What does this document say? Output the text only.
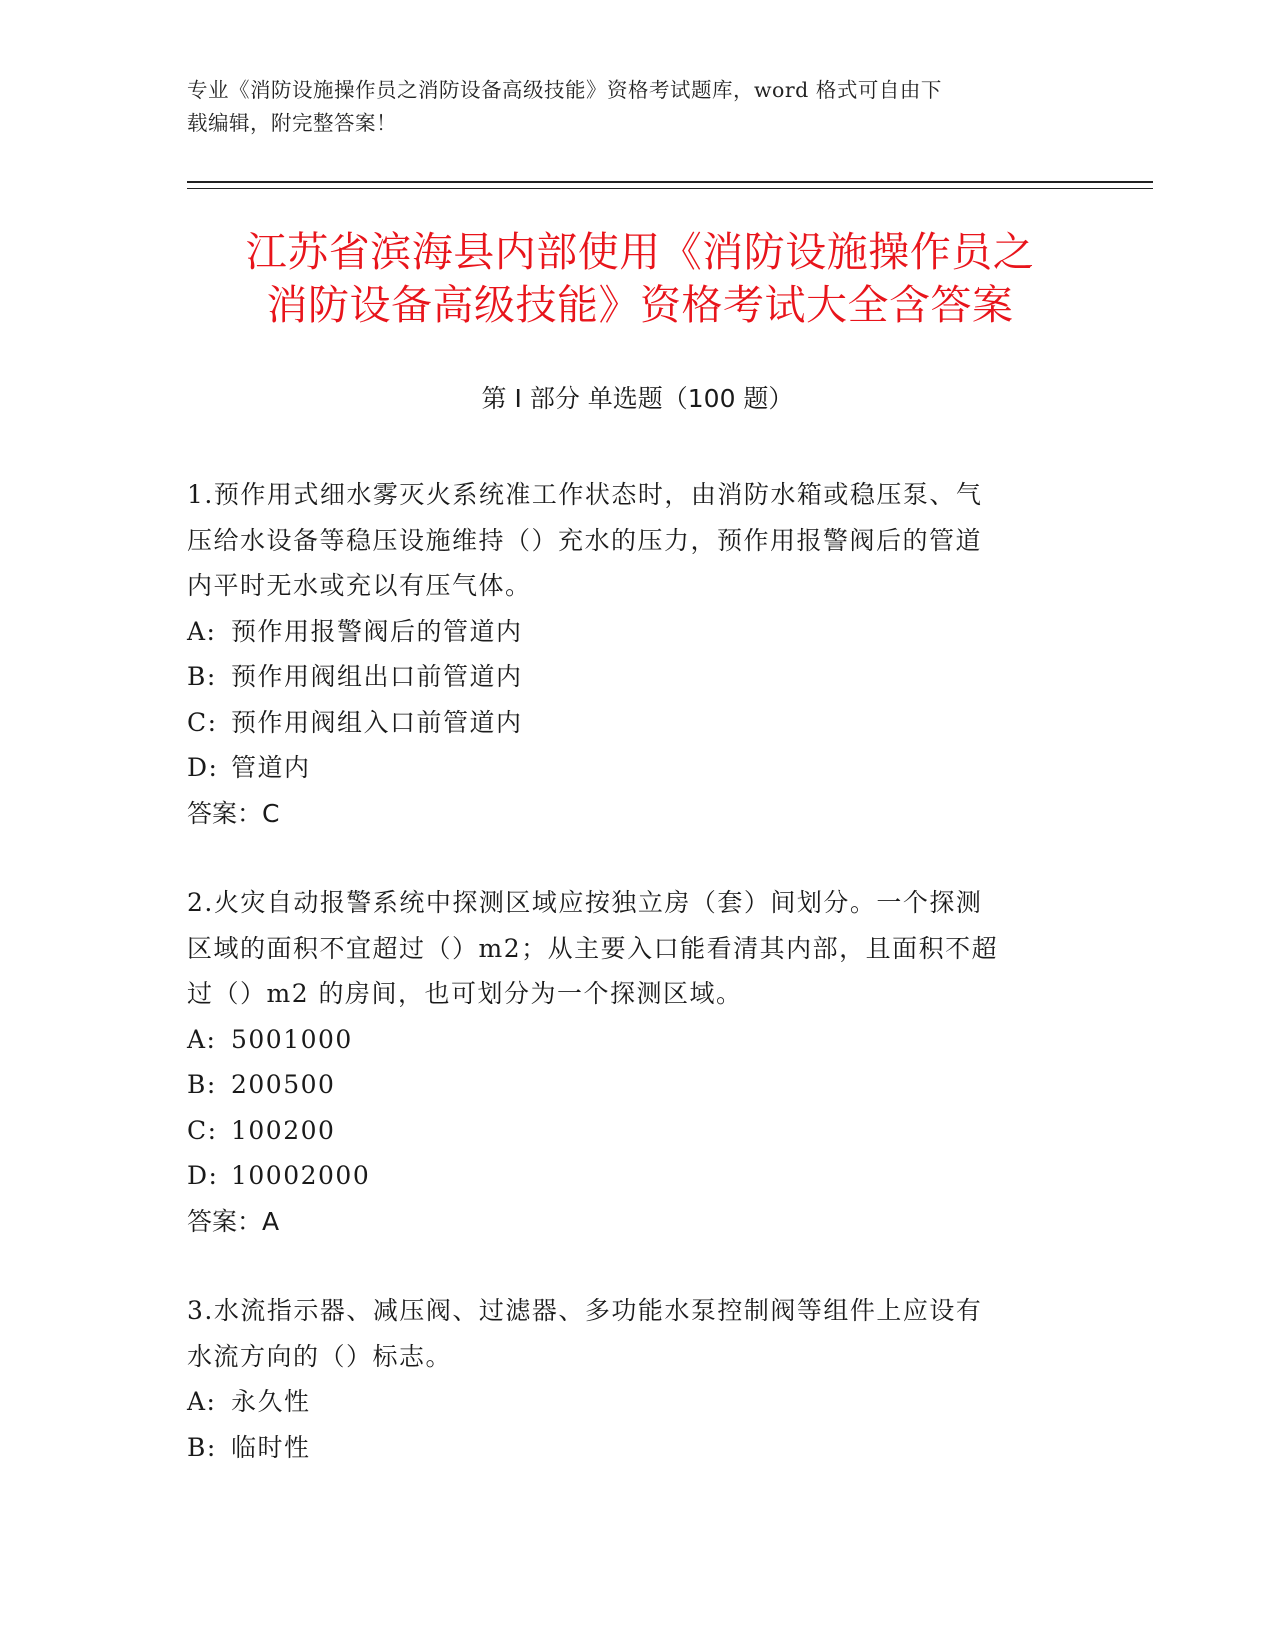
专业《消防设施操作员之消防设备高级技能》资格考试题库，word 格式可自由下
载编辑，附完整答案！
江苏省滨海县内部使用《消防设施操作员之
消防设备高级技能》资格考试大全含答案
第 I 部分 单选题（100 题）
1.预作用式细水雾灭火系统准工作状态时，由消防水箱或稳压泵、气
压给水设备等稳压设施维持（）充水的压力，预作用报警阀后的管道
内平时无水或充以有压气体。
A: 预作用报警阀后的管道内
B: 预作用阀组出口前管道内
C: 预作用阀组入口前管道内
D: 管道内
答案：C
2.火灾自动报警系统中探测区域应按独立房（套）间划分。一个探测
区域的面积不宜超过（）m2；从主要入口能看清其内部，且面积不超
过（）m2 的房间，也可划分为一个探测区域。
A: 5001000
B: 200500
C: 100200
D: 10002000
答案：A
3.水流指示器、减压阀、过滤器、多功能水泵控制阀等组件上应设有
水流方向的（）标志。
A: 永久性
B: 临时性
